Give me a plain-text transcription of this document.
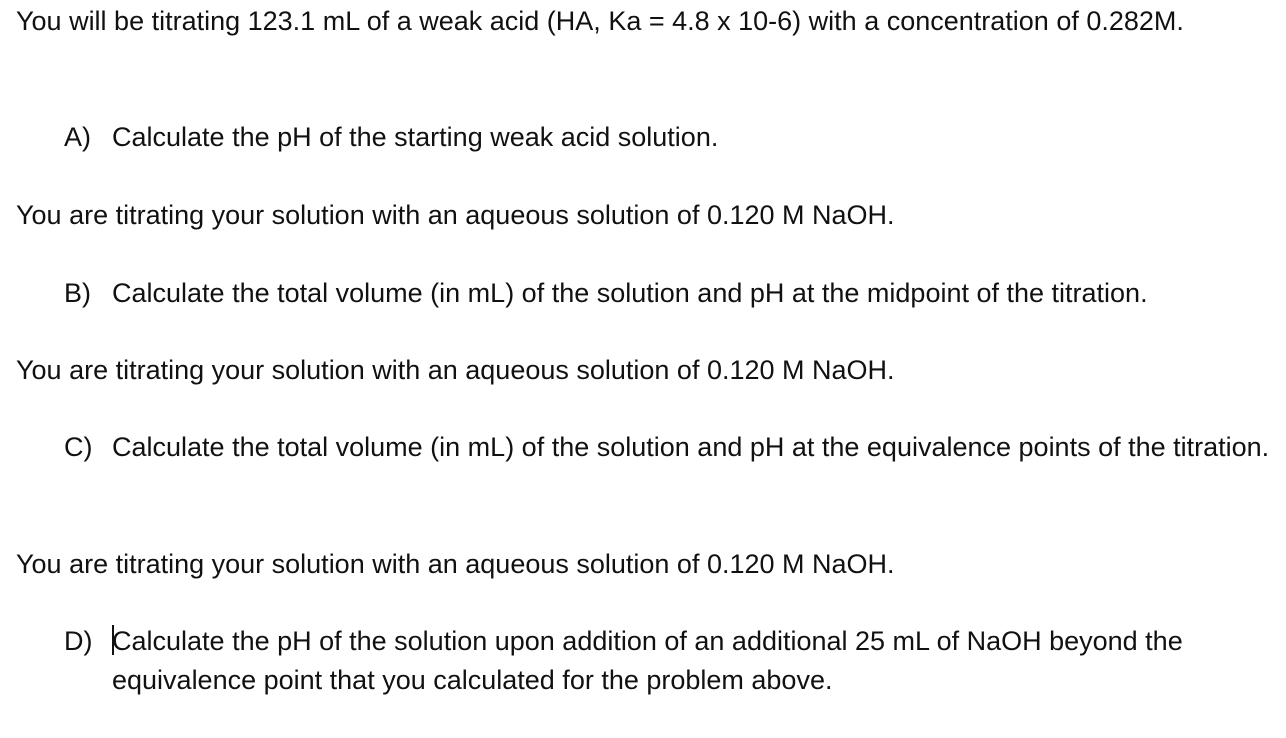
You will be titrating 123.1 mL of a weak acid (HA, Ka = 4.8 x 10-6) with a concentration of 0.282M.
A) Calculate the pH of the starting weak acid solution.
You are titrating your solution with an aqueous solution of 0.120 M NaOH.
B) Calculate the total volume (in mL) of the solution and pH at the midpoint of the titration.
You are titrating your solution with an aqueous solution of 0.120 M NaOH.
C) Calculate the total volume (in mL) of the solution and pH at the equivalence points of the titration.
You are titrating your solution with an aqueous solution of 0.120 M NaOH.
D) Calculate the pH of the solution upon addition of an additional 25 mL of NaOH beyond the equivalence point that you calculated for the problem above.
